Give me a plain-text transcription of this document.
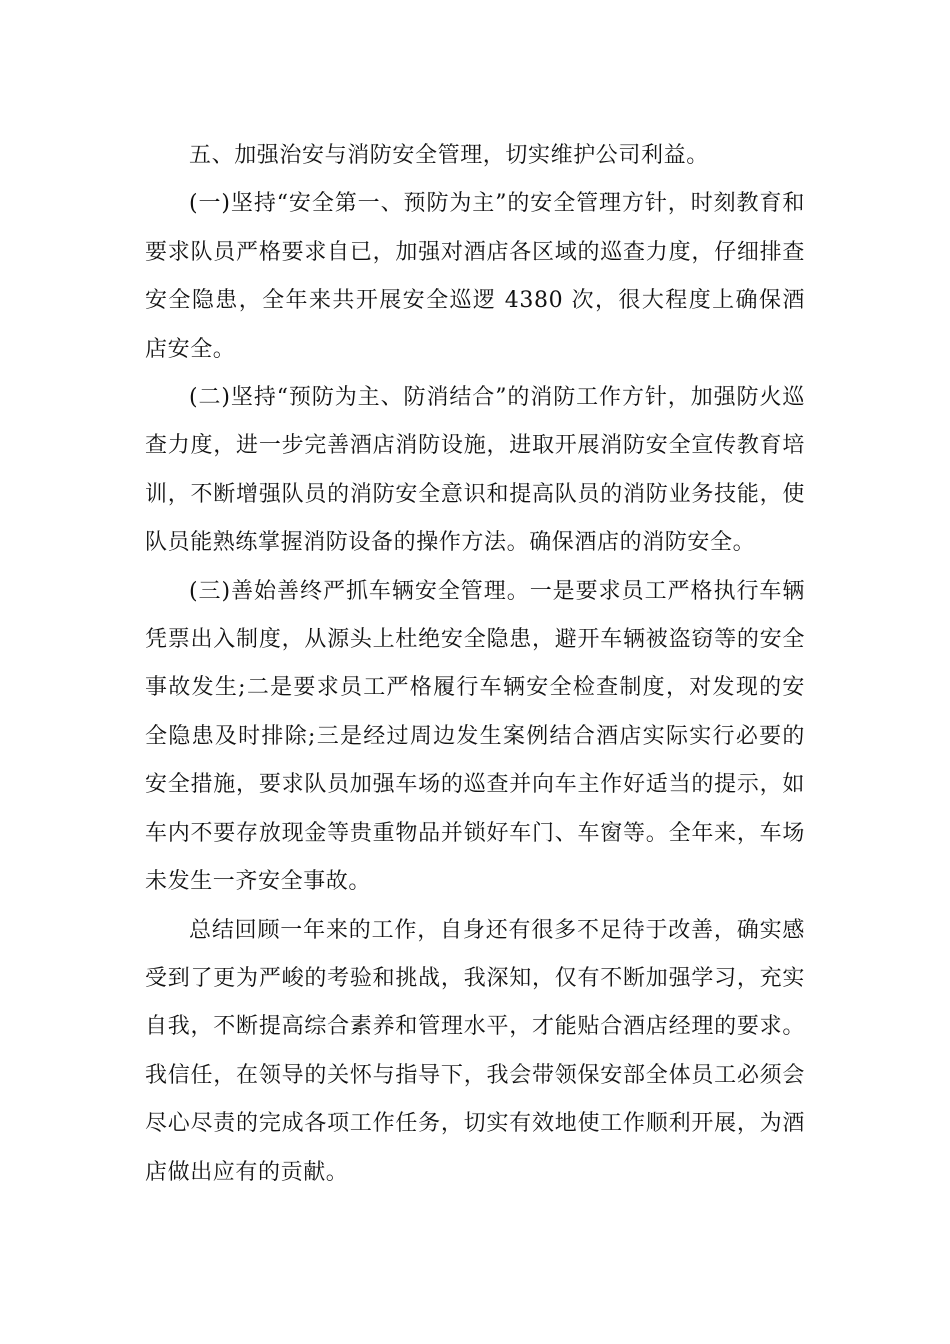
五、加强治安与消防安全管理，切实维护公司利益。

(一)坚持“安全第一、预防为主”的安全管理方针，时刻教育和要求队员严格要求自已，加强对酒店各区域的巡查力度，仔细排查安全隐患，全年来共开展安全巡逻 4380 次，很大程度上确保酒店安全。

(二)坚持“预防为主、防消结合”的消防工作方针，加强防火巡查力度，进一步完善酒店消防设施，进取开展消防安全宣传教育培训，不断增强队员的消防安全意识和提高队员的消防业务技能，使队员能熟练掌握消防设备的操作方法。确保酒店的消防安全。

(三)善始善终严抓车辆安全管理。一是要求员工严格执行车辆凭票出入制度，从源头上杜绝安全隐患，避开车辆被盗窃等的安全事故发生;二是要求员工严格履行车辆安全检查制度，对发现的安全隐患及时排除;三是经过周边发生案例结合酒店实际实行必要的安全措施，要求队员加强车场的巡查并向车主作好适当的提示，如车内不要存放现金等贵重物品并锁好车门、车窗等。全年来，车场未发生一齐安全事故。

总结回顾一年来的工作，自身还有很多不足待于改善，确实感受到了更为严峻的考验和挑战，我深知，仅有不断加强学习，充实自我，不断提高综合素养和管理水平，才能贴合酒店经理的要求。我信任，在领导的关怀与指导下，我会带领保安部全体员工必须会尽心尽责的完成各项工作任务，切实有效地使工作顺利开展，为酒店做出应有的贡献。
